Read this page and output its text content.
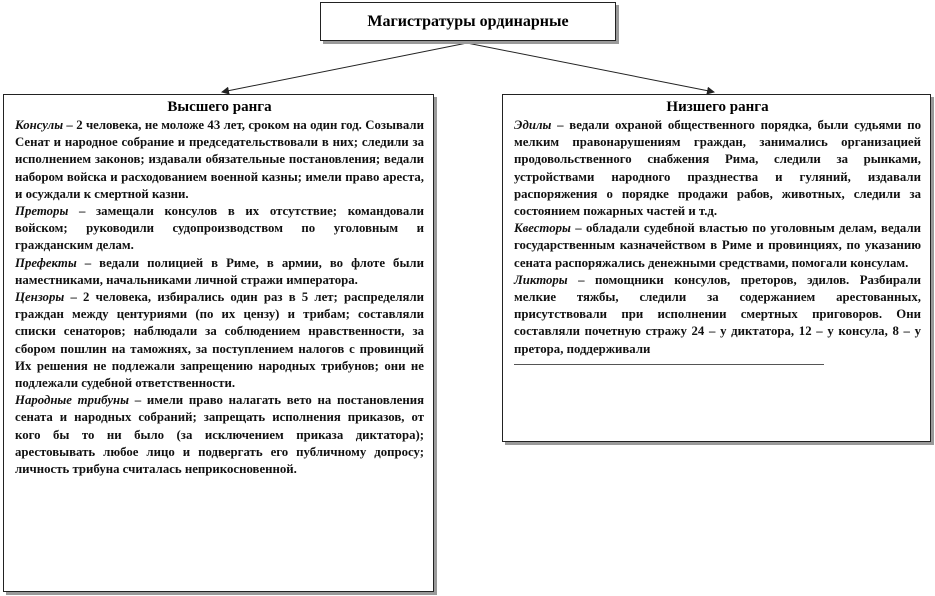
Магистратуры ординарные
Высшего ранга

Консулы – 2 человека, не моложе 43 лет, сроком на один год. Созывали Сенат и народное собрание и председательствовали в них; следили за исполнением законов; издавали обязательные постановления; ведали набором войска и расходованием военной казны; имели право ареста, и осуждали к смертной казни.

Преторы – замещали консулов в их отсутствие; командовали войском; руководили судопроизводством по уголовным и гражданским делам.

Префекты – ведали полицией в Риме, в армии, во флоте были наместниками, начальниками личной стражи императора.

Цензоры – 2 человека, избирались один раз в 5 лет; распределяли граждан между центуриями (по их цензу) и трибам; составляли списки сенаторов; наблюдали за соблюдением нравственности, за сбором пошлин на таможнях, за поступлением налогов с провинций Их решения не подлежали запрещению народных трибунов; они не подлежали судебной ответственности.

Народные трибуны – имели право налагать вето на постановления сената и народных собраний; запрещать исполнения приказов, от кого бы то ни было (за исключением приказа диктатора); арестовывать любое лицо и подвергать его публичному допросу; личность трибуна считалась неприкосновенной.

Низшего ранга

Эдилы – ведали охраной общественного порядка, были судьями по мелким правонарушениям граждан, занимались организацией продовольственного снабжения Рима, следили за рынками, устройствами народного празднества и гуляний, издавали распоряжения о порядке продажи рабов, животных, следили за состоянием пожарных частей и т.д.

Квесторы – обладали судебной властью по уголовным делам, ведали государственным казначейством в Риме и провинциях, по указанию сената распоряжались денежными средствами, помогали консулам.

Ликторы – помощники консулов, преторов, эдилов. Разбирали мелкие тяжбы, следили за содержанием арестованных, присутствовали при исполнении смертных приговоров. Они составляли почетную стражу 24 – у диктатора, 12 – у консула, 8 – у претора, поддерживали
